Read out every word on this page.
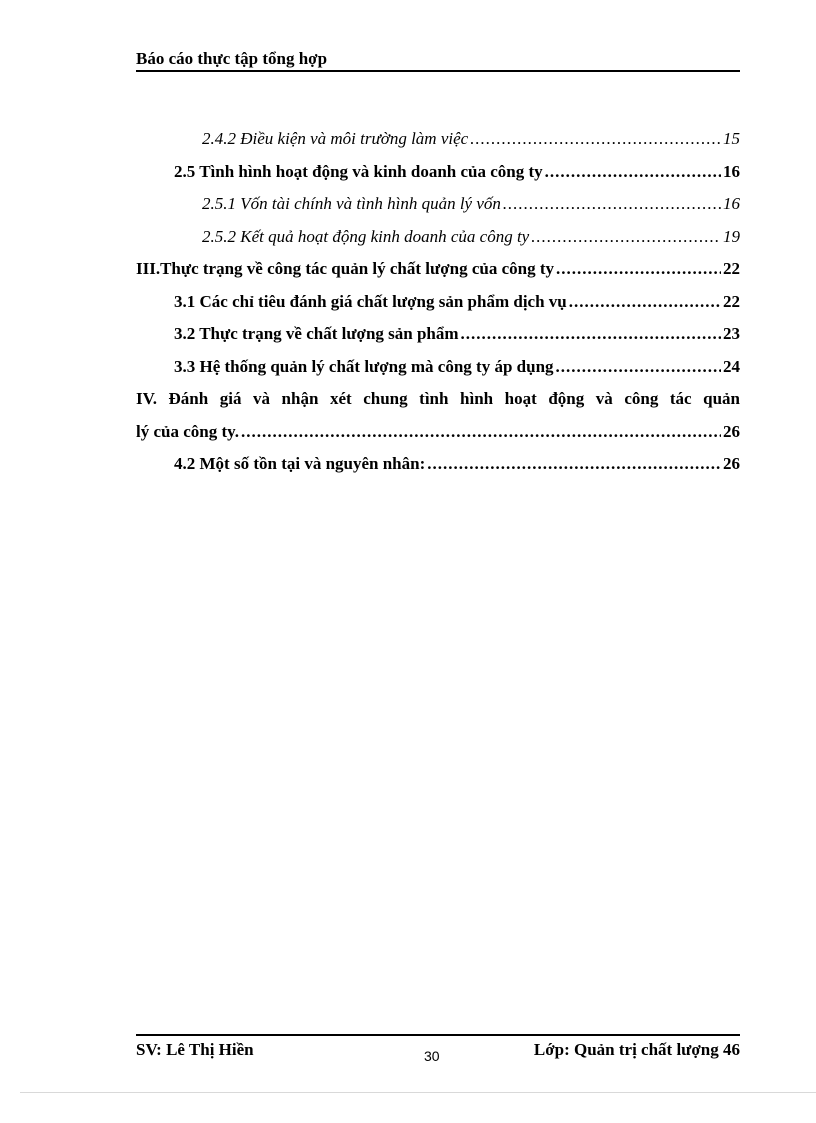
Báo cáo thực tập tổng hợp
2.4.2 Điều kiện và môi trường làm việc .....	15
2.5 Tình hình hoạt động và kinh doanh của công ty .....	16
2.5.1 Vốn tài chính và tình hình quản lý vốn .....	16
2.5.2 Kết quả hoạt động kinh doanh của công ty .....	19
III.Thực trạng về công tác quản lý chất lượng của công ty .....	22
3.1 Các chỉ tiêu đánh giá chất lượng sản phẩm dịch vụ .....	22
3.2 Thực trạng về chất lượng sản phẩm .....	23
3.3 Hệ thống quản lý chất lượng mà công ty áp dụng .....	24
IV. Đánh giá và nhận xét chung tình hình hoạt động và công tác quản
lý của công ty. .....	26
4.2 Một số tồn tại và nguyên nhân: .....	26
SV: Lê Thị Hiền	30	Lớp: Quản trị chất lượng 46
